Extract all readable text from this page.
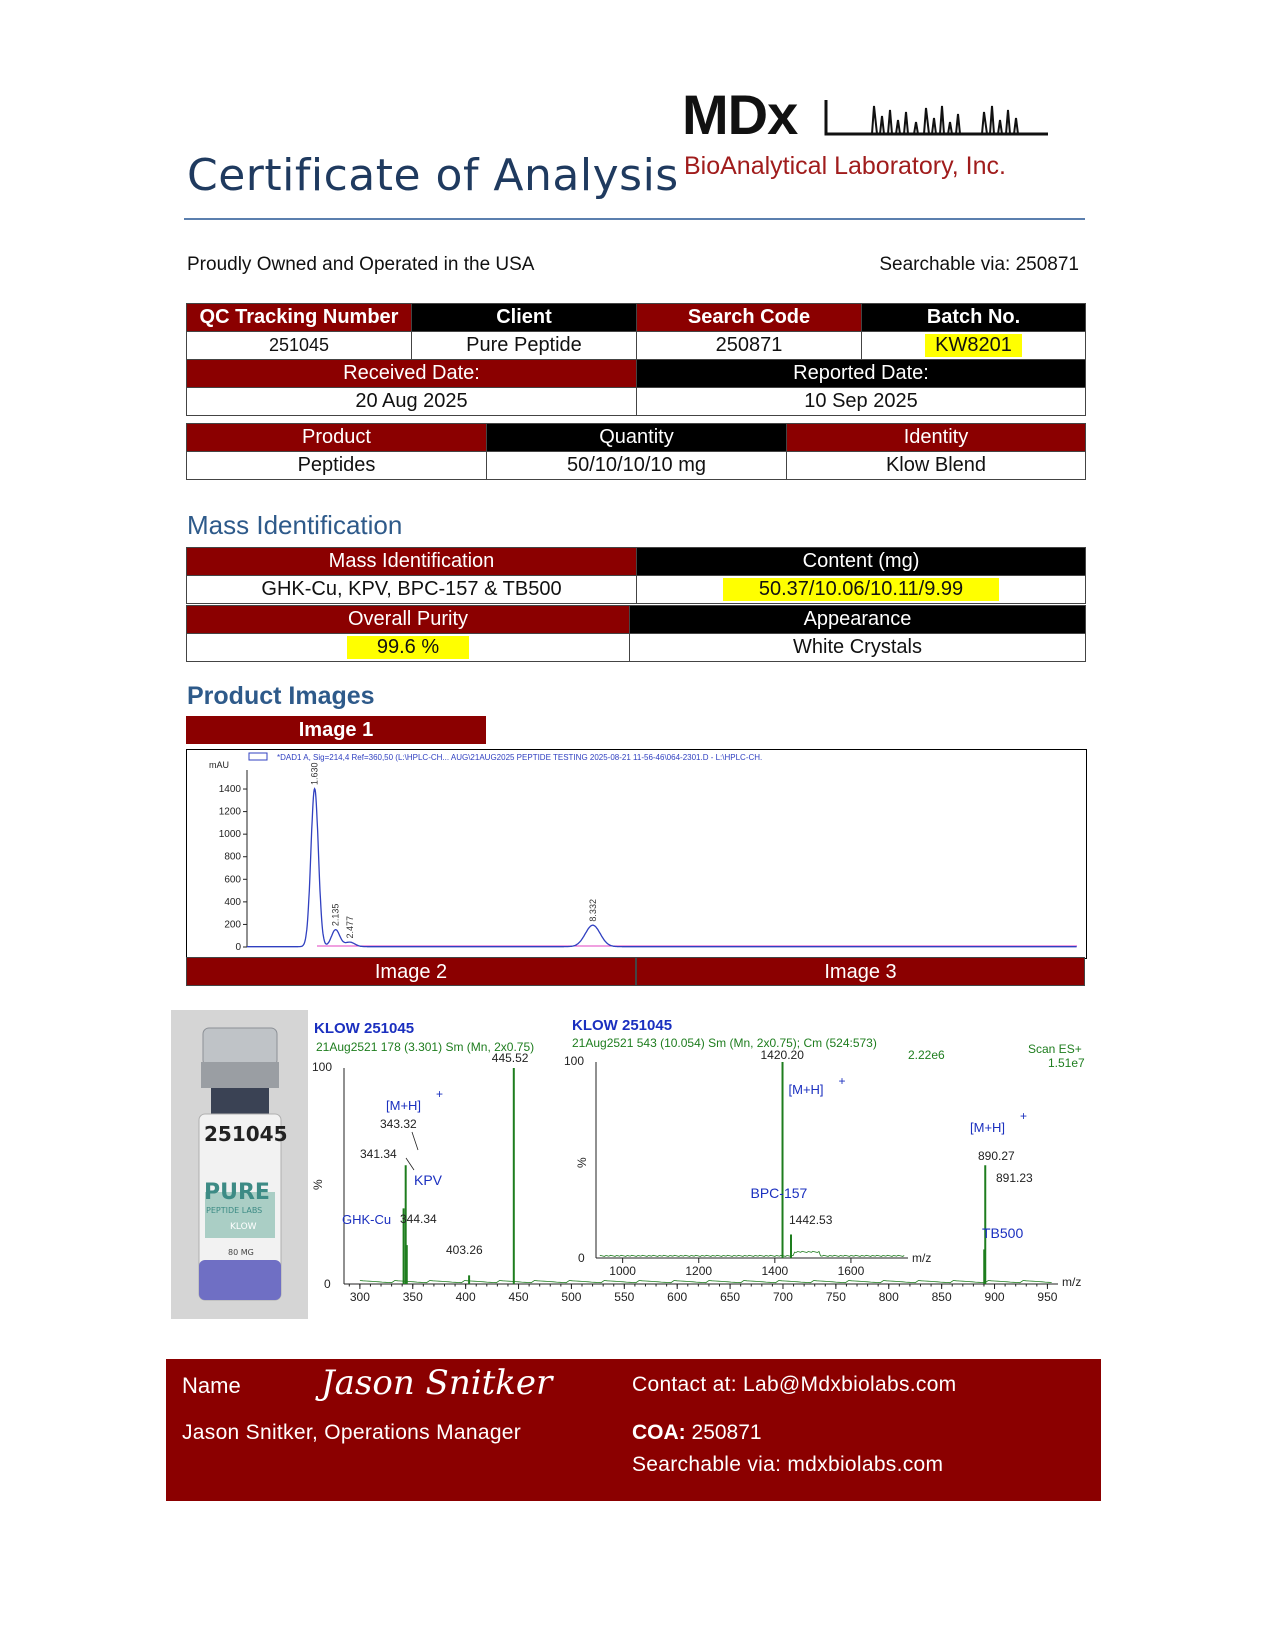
MDx
BioAnalytical Laboratory, Inc.
Certificate of Analysis
Proudly Owned and Operated in the USA	Searchable via: 250871
QC Tracking Number	Client	Search Code	Batch No.
251045	Pure Peptide	250871	KW8201
Received Date:		Reported Date:	
20 Aug 2025		10 Sep 2025	
Product	Quantity	Identity
Peptides	50/10/10/10 mg	Klow Blend
Mass Identification
Mass Identification	Content (mg)
GHK-Cu, KPV, BPC-157 & TB500	50.37/10.06/10.11/9.99
Overall Purity	Appearance
99.6 %	White Crystals
Product Images
Image 1
*DAD1 A, Sig=214,4 Ref=360,50 (L:\HPLC-CH... AUG\21AUG2025 PEPTIDE TESTING 2025-08-21 11-56-46\064-2301.D - L:\HPLC-CH.
mAU
0
200
400
600
800
1000
1200
1400
1.630
2.135
2.477
8.332
Image 2	Image 3
251045
PURE
PEPTIDE LABS
KLOW
80 MG
KLOW 251045
21Aug2521 178 (3.301) Sm (Mn, 2x0.75)
100
0
%
m/z
300	350	400	450	500	550	600	650	700	750	800	850	900	950
445.52
[M+H]
+
343.32
341.34
KPV
GHK-Cu 344.34
403.26
[M+H]
+
890.27
891.23
TB500
Scan ES+
1.51e7
KLOW 251045
21Aug2521 543 (10.054) Sm (Mn, 2x0.75); Cm (524:573)
2.22e6
100
0
%
m/z
1000	1200	1400	1600
1420.20
[M+H]
+
BPC-157
1442.53
Name Jason Snitker
Jason Snitker, Operations Manager
Contact at: Lab@Mdxbiolabs.com
COA: 250871
Searchable via: mdxbiolabs.com
